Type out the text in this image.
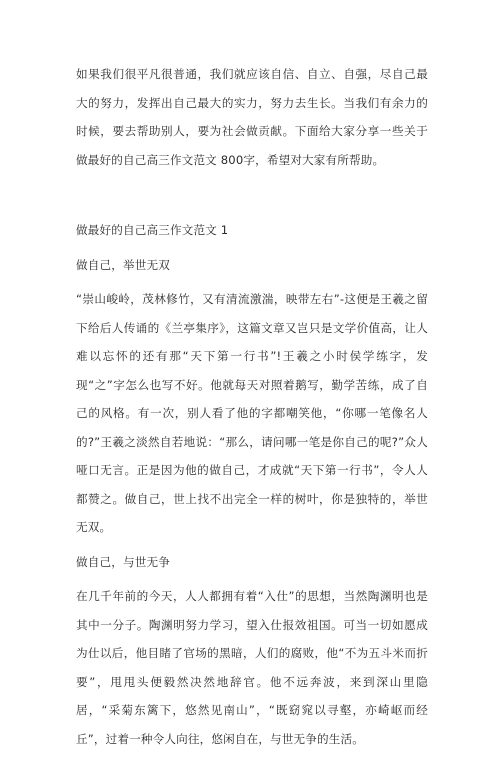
如果我们很平凡很普通，我们就应该自信、自立、自强，尽自己最大的努力，发挥出自己最大的实力，努力去生长。当我们有余力的时候，要去帮助别人，要为社会做贡献。下面给大家分享一些关于做最好的自己高三作文范文 800字，希望对大家有所帮助。

做最好的自己高三作文范文 1

做自己，举世无双

“崇山峻岭，茂林修竹，又有清流激湍，映带左右”-这便是王羲之留下给后人传诵的《兰亭集序》，这篇文章又岂只是文学价值高，让人难以忘怀的还有那“天下第一行书”!王羲之小时侯学练字，发现“之”字怎么也写不好。他就每天对照着鹅写，勤学苦练，成了自己的风格。有一次，别人看了他的字都嘲笑他，“你哪一笔像名人的?”王羲之淡然自若地说：“那么，请问哪一笔是你自己的呢?”众人哑口无言。正是因为他的做自己，才成就“天下第一行书”，令人人都赞之。做自己，世上找不出完全一样的树叶，你是独特的，举世无双。

做自己，与世无争

在几千年前的今天，人人都拥有着“入仕”的思想，当然陶渊明也是其中一分子。陶渊明努力学习，望入仕报效祖国。可当一切如愿成为仕以后，他目睹了官场的黑暗，人们的腐败，他“不为五斗米而折要”，甩甩头便毅然决然地辞官。他不远奔波，来到深山里隐居，“采菊东篱下，悠然见南山”，“既窈窕以寻壑，亦崎岖而经丘”，过着一种令人向往，悠闲自在，与世无争的生活。
